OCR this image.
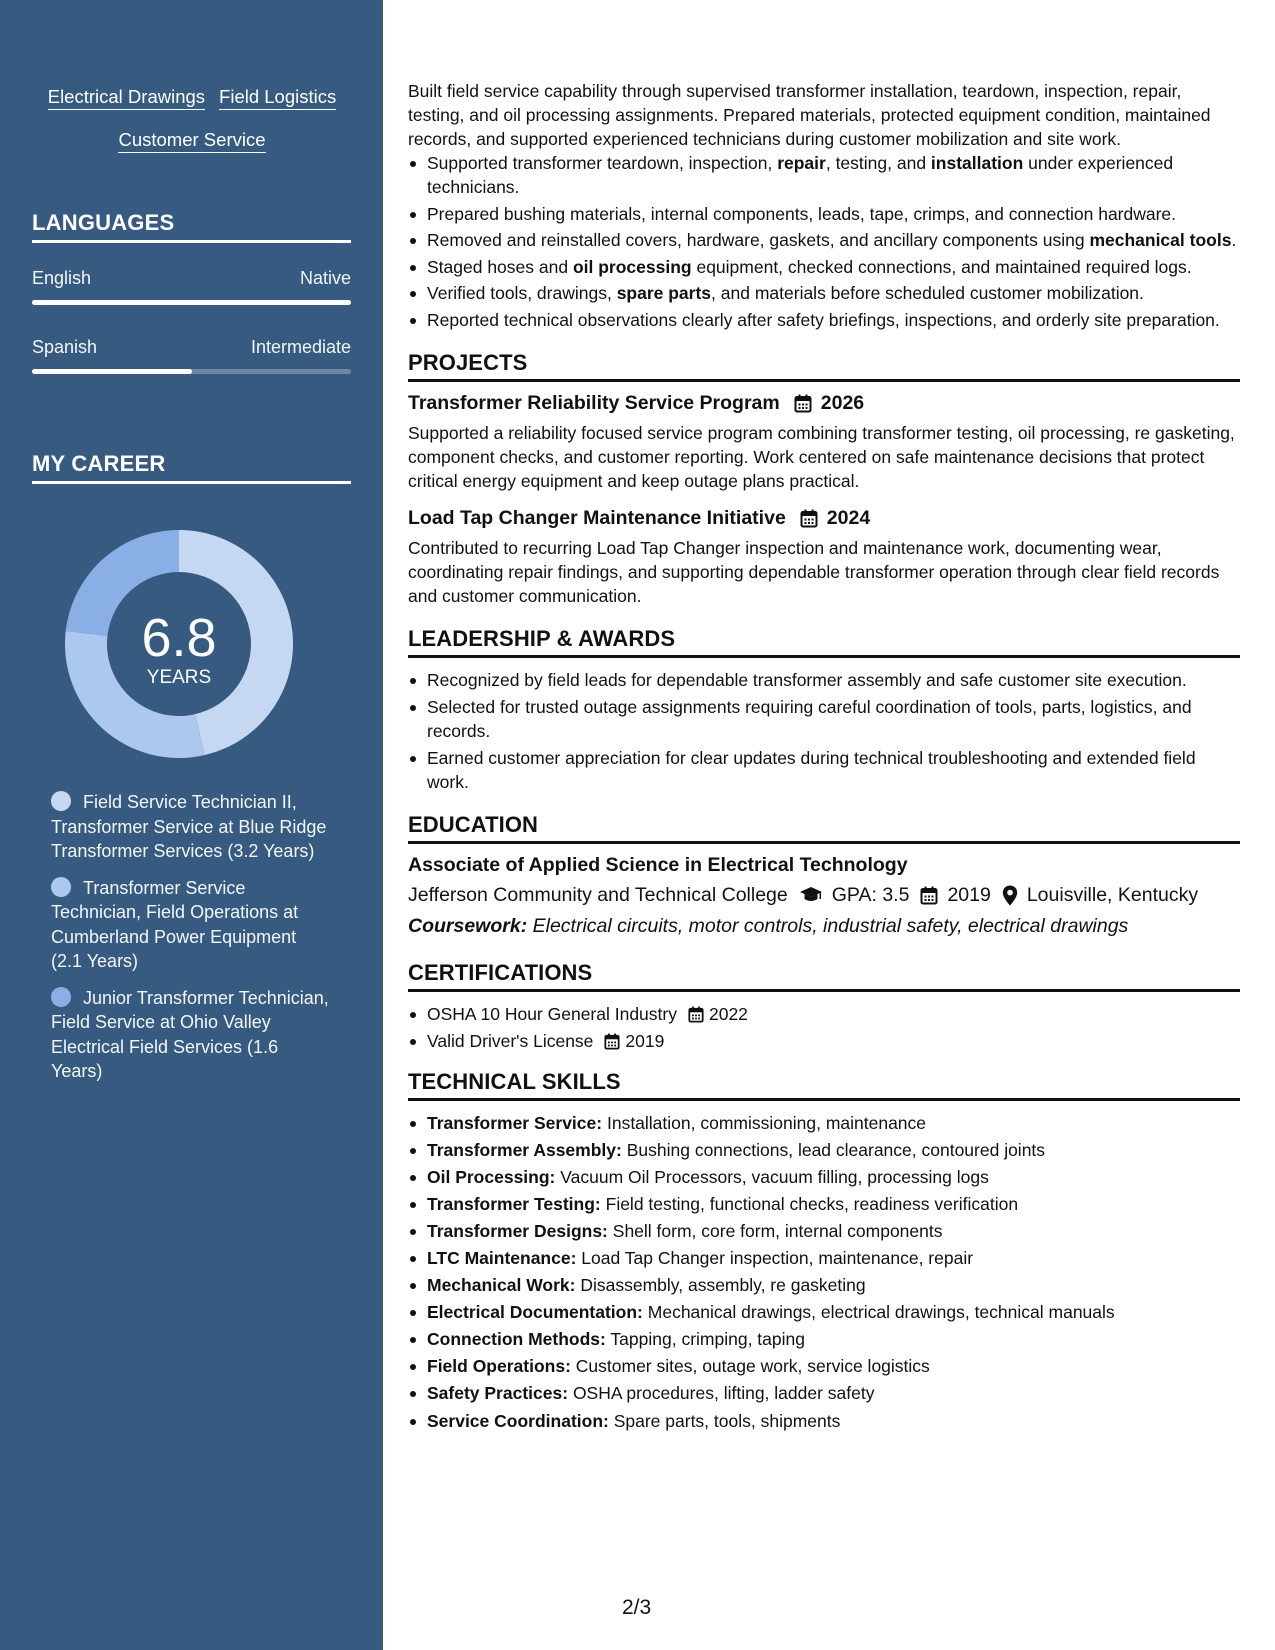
Electrical Drawings Field Logistics
Customer Service
LANGUAGES
English	Native
Spanish	Intermediate
MY CAREER
6.8
YEARS
Field Service Technician II, Transformer Service at Blue Ridge Transformer Services (3.2 Years)
Transformer Service Technician, Field Operations at Cumberland Power Equipment (2.1 Years)
Junior Transformer Technician, Field Service at Ohio Valley Electrical Field Services (1.6 Years)

Built field service capability through supervised transformer installation, teardown, inspection, repair, testing, and oil processing assignments. Prepared materials, protected equipment condition, maintained records, and supported experienced technicians during customer mobilization and site work.

Supported transformer teardown, inspection, repair, testing, and installation under experienced technicians.
Prepared bushing materials, internal components, leads, tape, crimps, and connection hardware.
Removed and reinstalled covers, hardware, gaskets, and ancillary components using mechanical tools.
Staged hoses and oil processing equipment, checked connections, and maintained required logs.
Verified tools, drawings, spare parts, and materials before scheduled customer mobilization.
Reported technical observations clearly after safety briefings, inspections, and orderly site preparation.
PROJECTS
Transformer Reliability Service Program 2026

Supported a reliability focused service program combining transformer testing, oil processing, re gasketing, component checks, and customer reporting. Work centered on safe maintenance decisions that protect critical energy equipment and keep outage plans practical.

Load Tap Changer Maintenance Initiative 2024

Contributed to recurring Load Tap Changer inspection and maintenance work, documenting wear, coordinating repair findings, and supporting dependable transformer operation through clear field records and customer communication.

LEADERSHIP & AWARDS
Recognized by field leads for dependable transformer assembly and safe customer site execution.
Selected for trusted outage assignments requiring careful coordination of tools, parts, logistics, and records.
Earned customer appreciation for clear updates during technical troubleshooting and extended field work.
EDUCATION
Associate of Applied Science in Electrical Technology
Jefferson Community and Technical College GPA: 3.5 2019 Louisville, Kentucky
Coursework: Electrical circuits, motor controls, industrial safety, electrical drawings
CERTIFICATIONS
OSHA 10 Hour General Industry 2022
Valid Driver's License 2019
TECHNICAL SKILLS
Transformer Service: Installation, commissioning, maintenance
Transformer Assembly: Bushing connections, lead clearance, contoured joints
Oil Processing: Vacuum Oil Processors, vacuum filling, processing logs
Transformer Testing: Field testing, functional checks, readiness verification
Transformer Designs: Shell form, core form, internal components
LTC Maintenance: Load Tap Changer inspection, maintenance, repair
Mechanical Work: Disassembly, assembly, re gasketing
Electrical Documentation: Mechanical drawings, electrical drawings, technical manuals
Connection Methods: Tapping, crimping, taping
Field Operations: Customer sites, outage work, service logistics
Safety Practices: OSHA procedures, lifting, ladder safety
Service Coordination: Spare parts, tools, shipments
2/3
